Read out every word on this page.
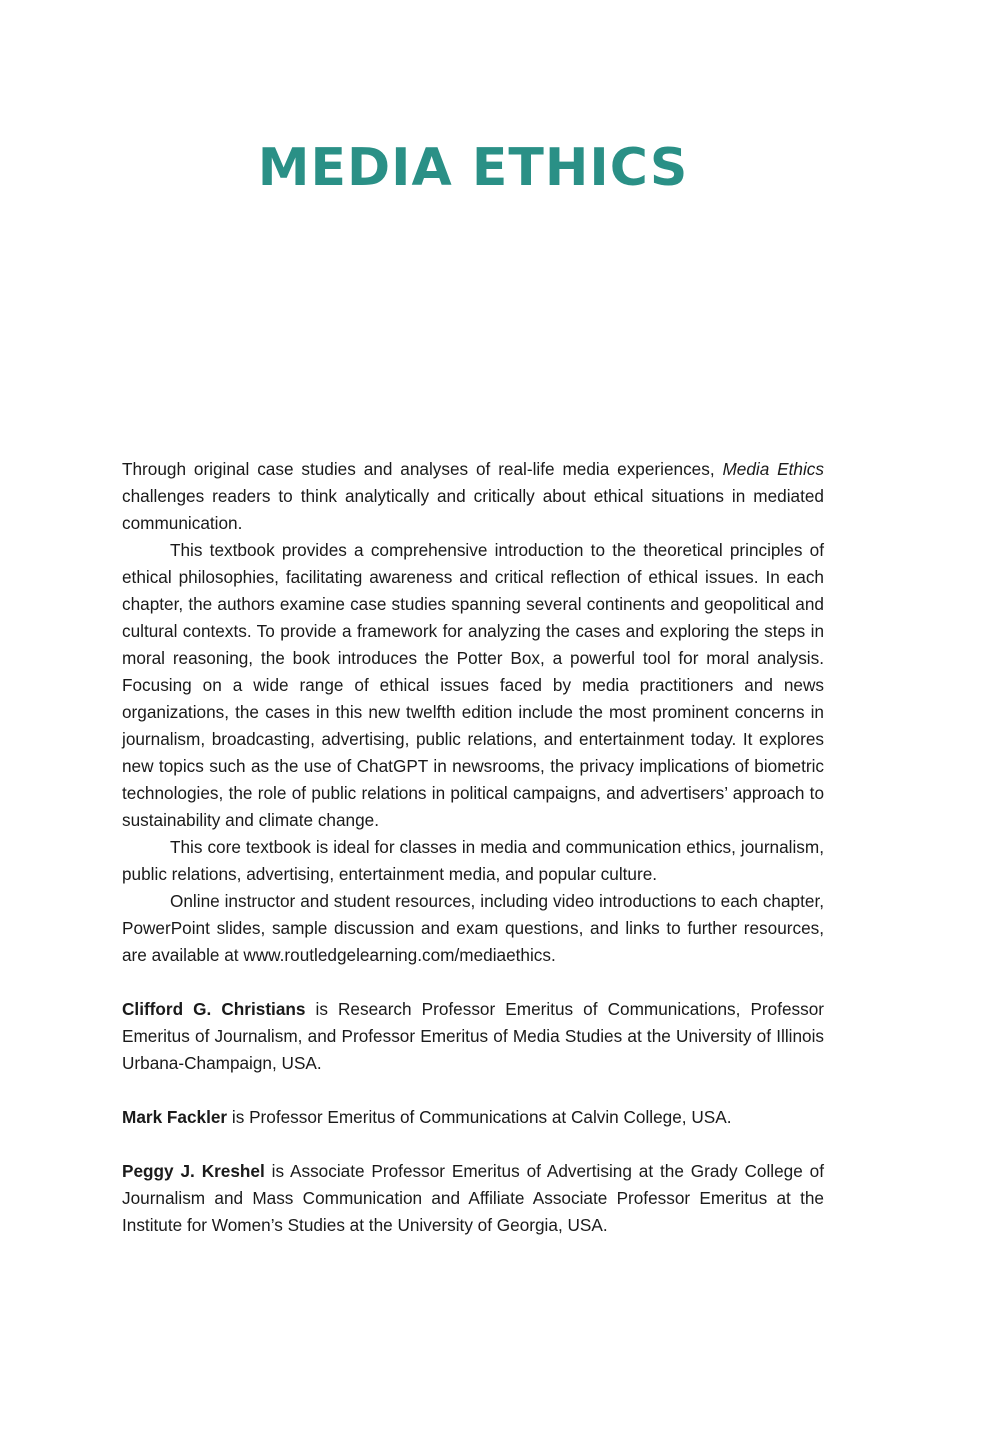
MEDIA ETHICS

Through original case studies and analyses of real-life media experiences, Media Ethics challenges readers to think analytically and critically about ethical situations in mediated communication.

This textbook provides a comprehensive introduction to the theoretical principles of ethical philosophies, facilitating awareness and critical reflection of ethical issues. In each chapter, the authors examine case studies spanning several continents and geopolitical and cultural contexts. To provide a framework for analyzing the cases and exploring the steps in moral reasoning, the book introduces the Potter Box, a powerful tool for moral analysis. Focusing on a wide range of ethical issues faced by media practitioners and news organizations, the cases in this new twelfth edition include the most prominent concerns in journalism, broadcasting, advertising, public relations, and entertainment today. It explores new topics such as the use of ChatGPT in newsrooms, the privacy implications of biometric technologies, the role of public relations in political campaigns, and advertisers’ approach to sustainability and climate change.

This core textbook is ideal for classes in media and communication ethics, journalism, public relations, advertising, entertainment media, and popular culture.

Online instructor and student resources, including video introductions to each chapter, PowerPoint slides, sample discussion and exam questions, and links to further resources, are available at www.routledgelearning.com/mediaethics.

Clifford G. Christians is Research Professor Emeritus of Communications, Professor Emeritus of Journalism, and Professor Emeritus of Media Studies at the University of Illinois Urbana-Champaign, USA.

Mark Fackler is Professor Emeritus of Communications at Calvin College, USA.

Peggy J. Kreshel is Associate Professor Emeritus of Advertising at the Grady College of Journalism and Mass Communication and Affiliate Associate Professor Emeritus at the Institute for Women’s Studies at the University of Georgia, USA.
